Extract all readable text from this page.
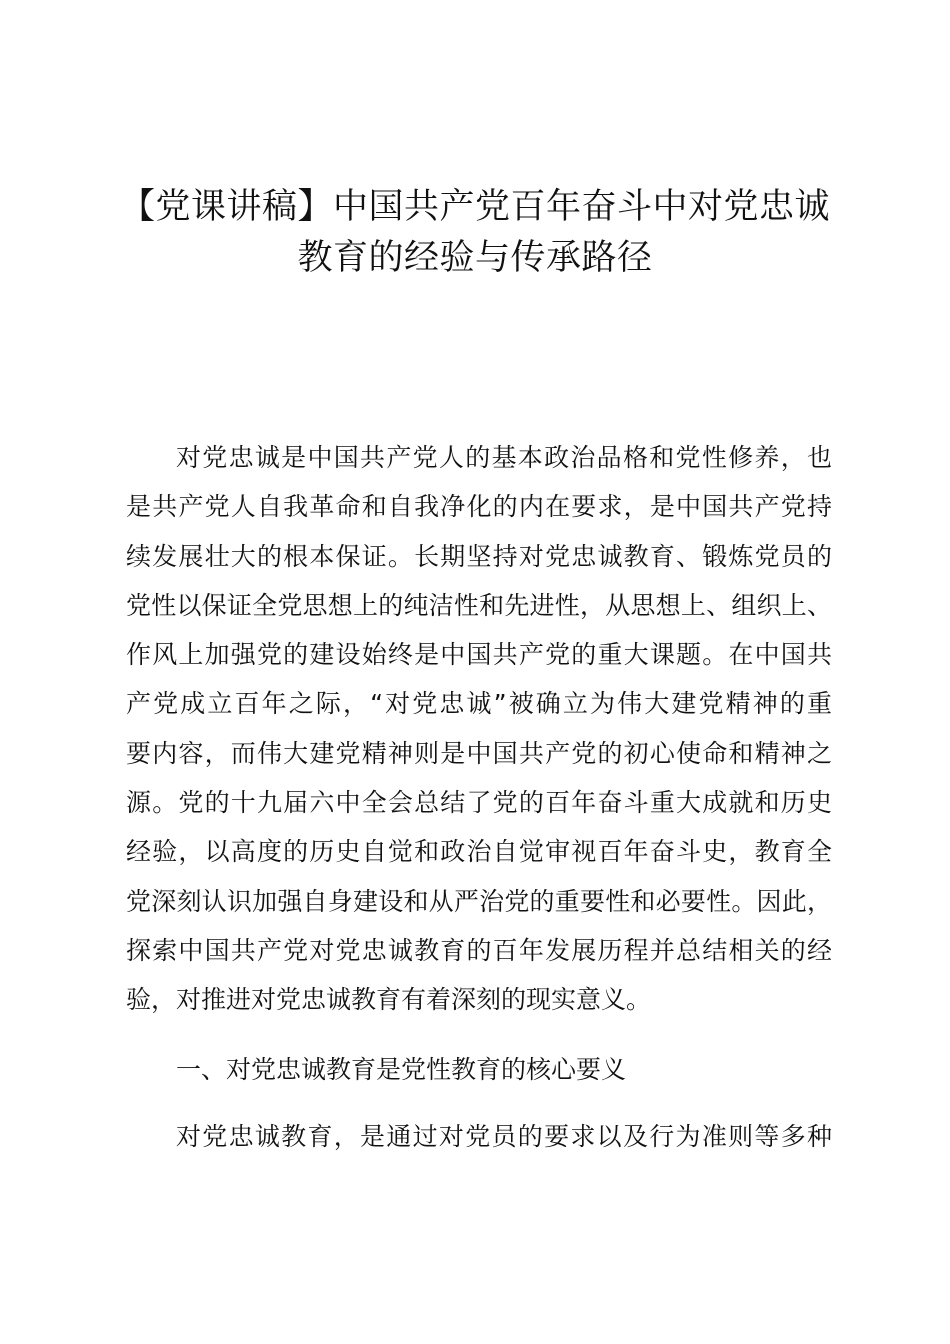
【党课讲稿】中国共产党百年奋斗中对党忠诚
教育的经验与传承路径
对党忠诚是中国共产党人的基本政治品格和党性修养，也
是共产党人自我革命和自我净化的内在要求，是中国共产党持
续发展壮大的根本保证。长期坚持对党忠诚教育、锻炼党员的
党性以保证全党思想上的纯洁性和先进性，从思想上、组织上、
作风上加强党的建设始终是中国共产党的重大课题。在中国共
产党成立百年之际，“对党忠诚”被确立为伟大建党精神的重
要内容，而伟大建党精神则是中国共产党的初心使命和精神之
源。党的十九届六中全会总结了党的百年奋斗重大成就和历史
经验，以高度的历史自觉和政治自觉审视百年奋斗史，教育全
党深刻认识加强自身建设和从严治党的重要性和必要性。因此，
探索中国共产党对党忠诚教育的百年发展历程并总结相关的经
验，对推进对党忠诚教育有着深刻的现实意义。
一、对党忠诚教育是党性教育的核心要义
对党忠诚教育，是通过对党员的要求以及行为准则等多种
